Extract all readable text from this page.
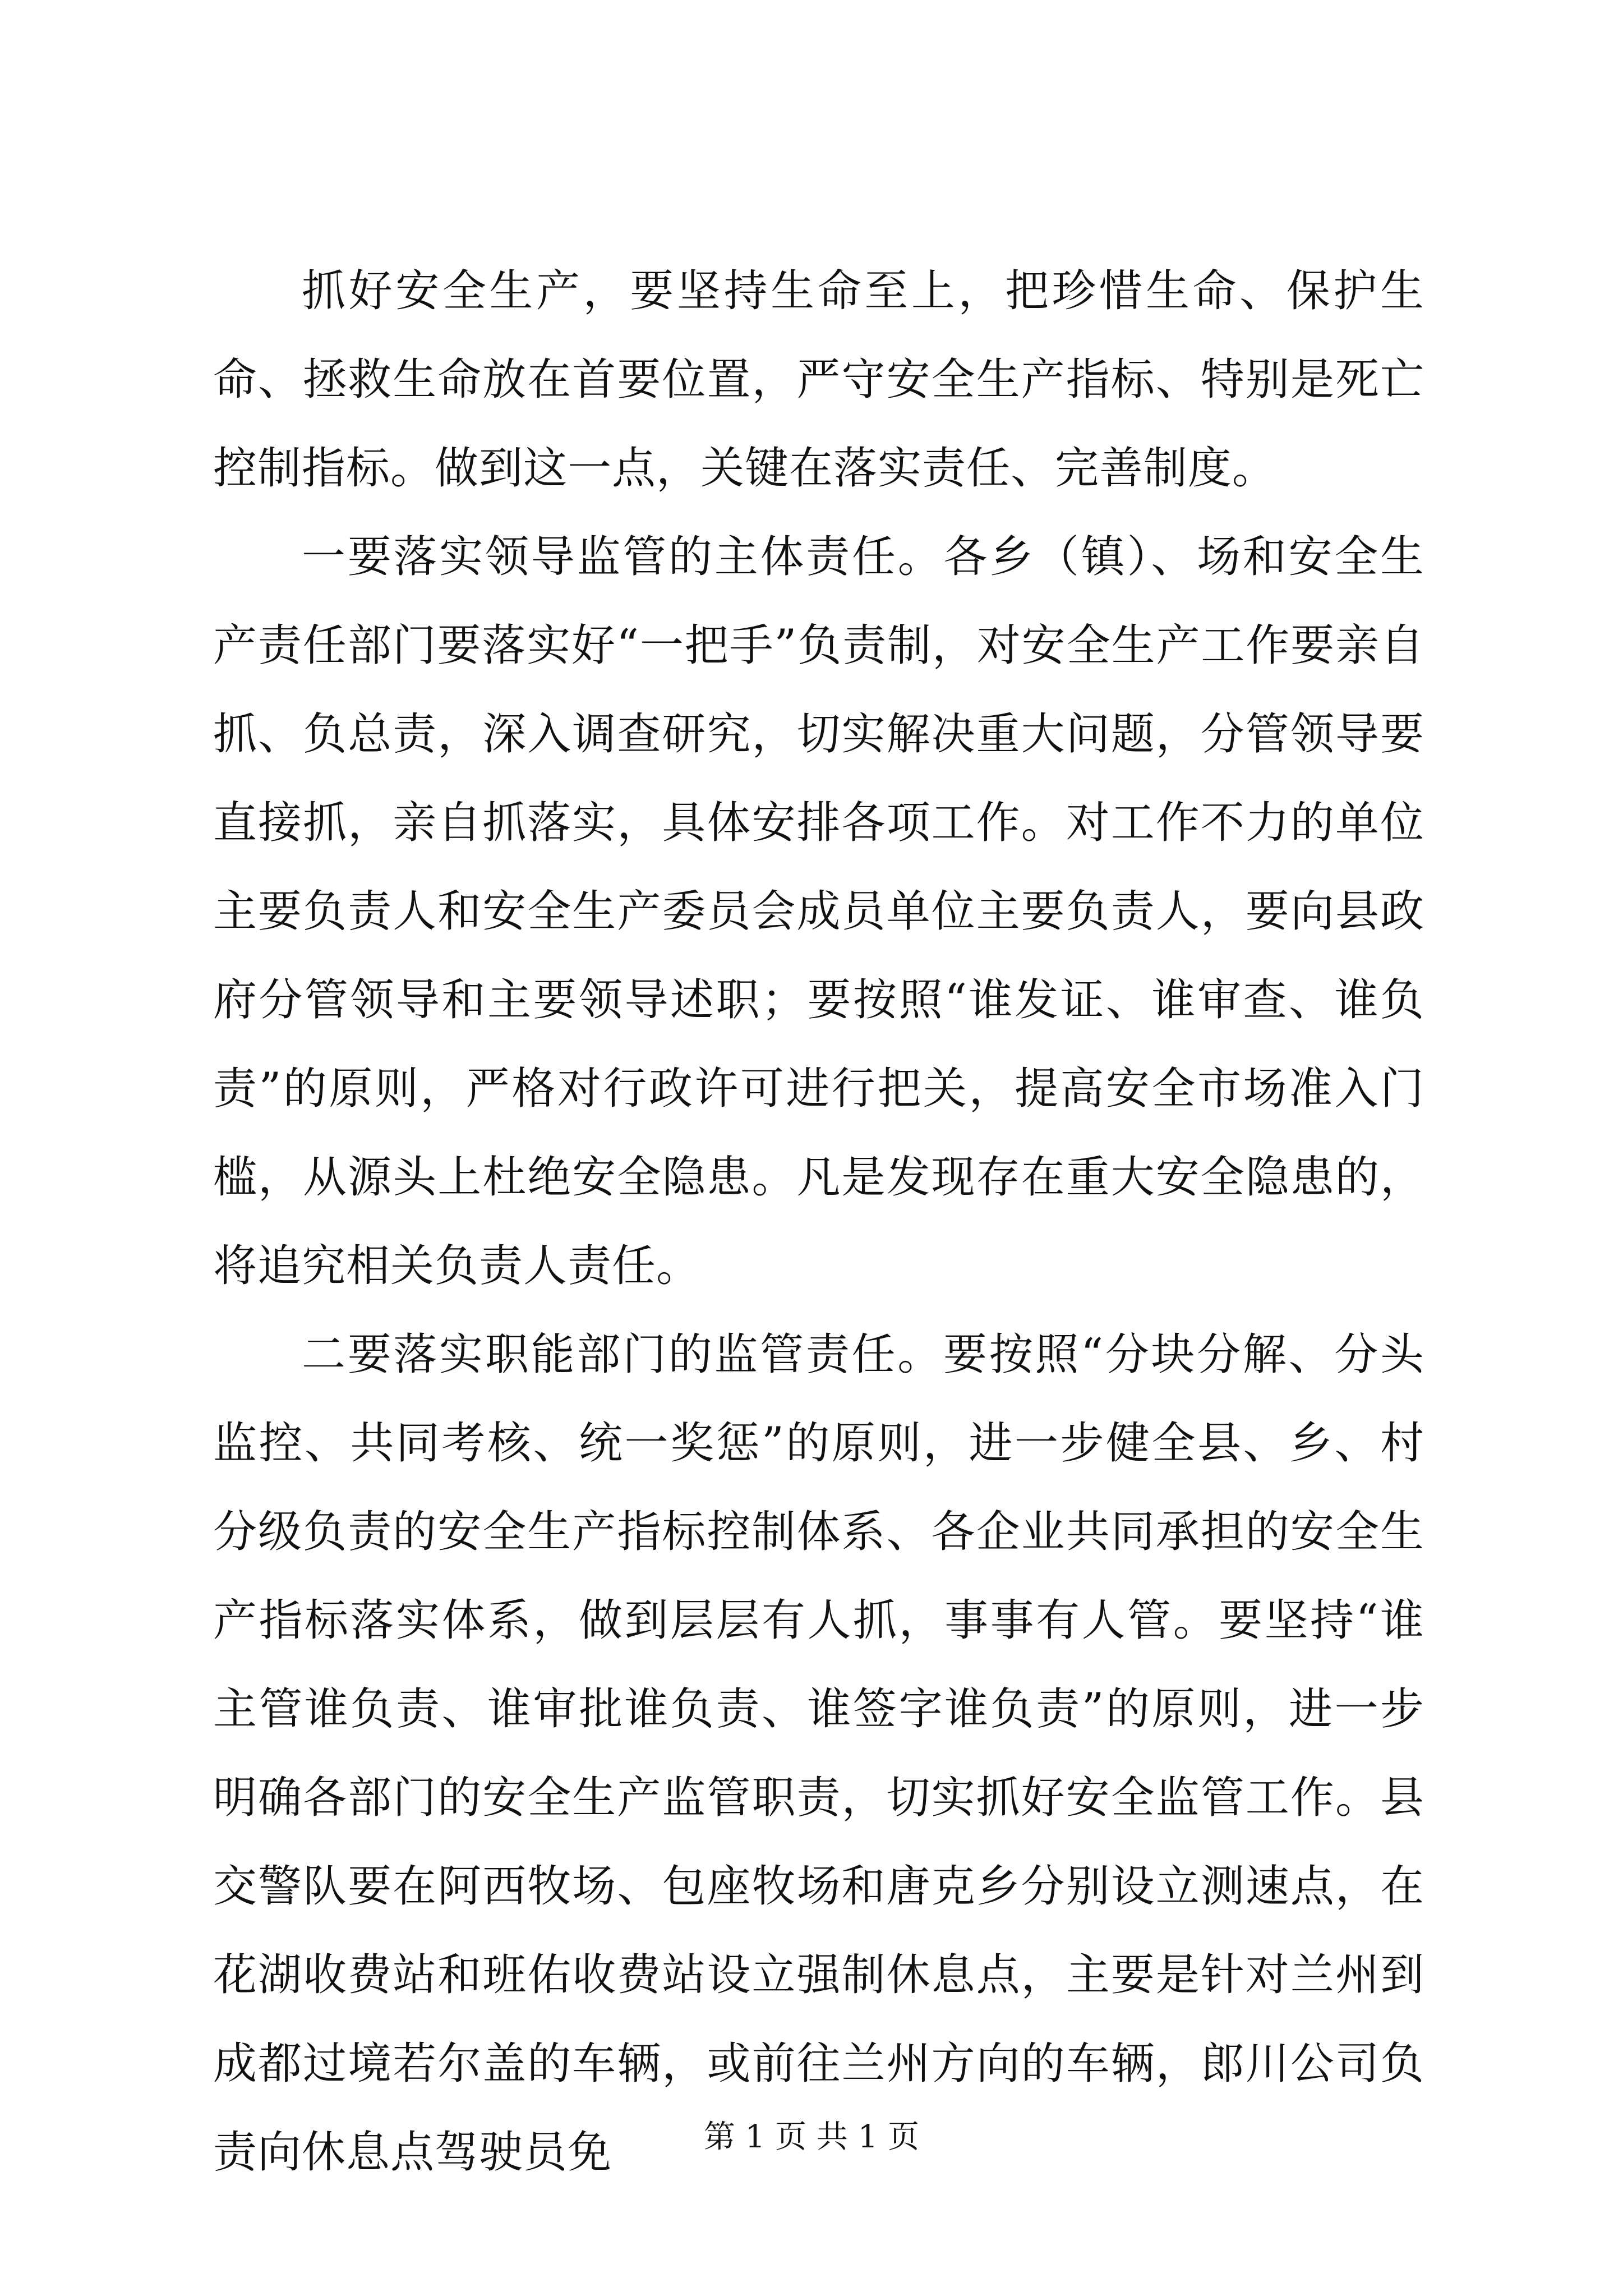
抓好安全生产，要坚持生命至上，把珍惜生命、保护生命、拯救生命放在首要位置，严守安全生产指标、特别是死亡控制指标。做到这一点，关键在落实责任、完善制度。

一要落实领导监管的主体责任。各乡（镇）、场和安全生产责任部门要落实好“一把手”负责制，对安全生产工作要亲自抓、负总责，深入调查研究，切实解决重大问题，分管领导要直接抓，亲自抓落实，具体安排各项工作。对工作不力的单位主要负责人和安全生产委员会成员单位主要负责人，要向县政府分管领导和主要领导述职；要按照“谁发证、谁审查、谁负责”的原则，严格对行政许可进行把关，提高安全市场准入门槛，从源头上杜绝安全隐患。凡是发现存在重大安全隐患的，将追究相关负责人责任。

二要落实职能部门的监管责任。要按照“分块分解、分头监控、共同考核、统一奖惩”的原则，进一步健全县、乡、村分级负责的安全生产指标控制体系、各企业共同承担的安全生产指标落实体系，做到层层有人抓，事事有人管。要坚持“谁主管谁负责、谁审批谁负责、谁签字谁负责”的原则，进一步明确各部门的安全生产监管职责，切实抓好安全监管工作。县交警队要在阿西牧场、包座牧场和唐克乡分别设立测速点，在花湖收费站和班佑收费站设立强制休息点，主要是针对兰州到成都过境若尔盖的车辆，或前往兰州方向的车辆，郎川公司负责向休息点驾驶员免	第 1 页 共 1 页
